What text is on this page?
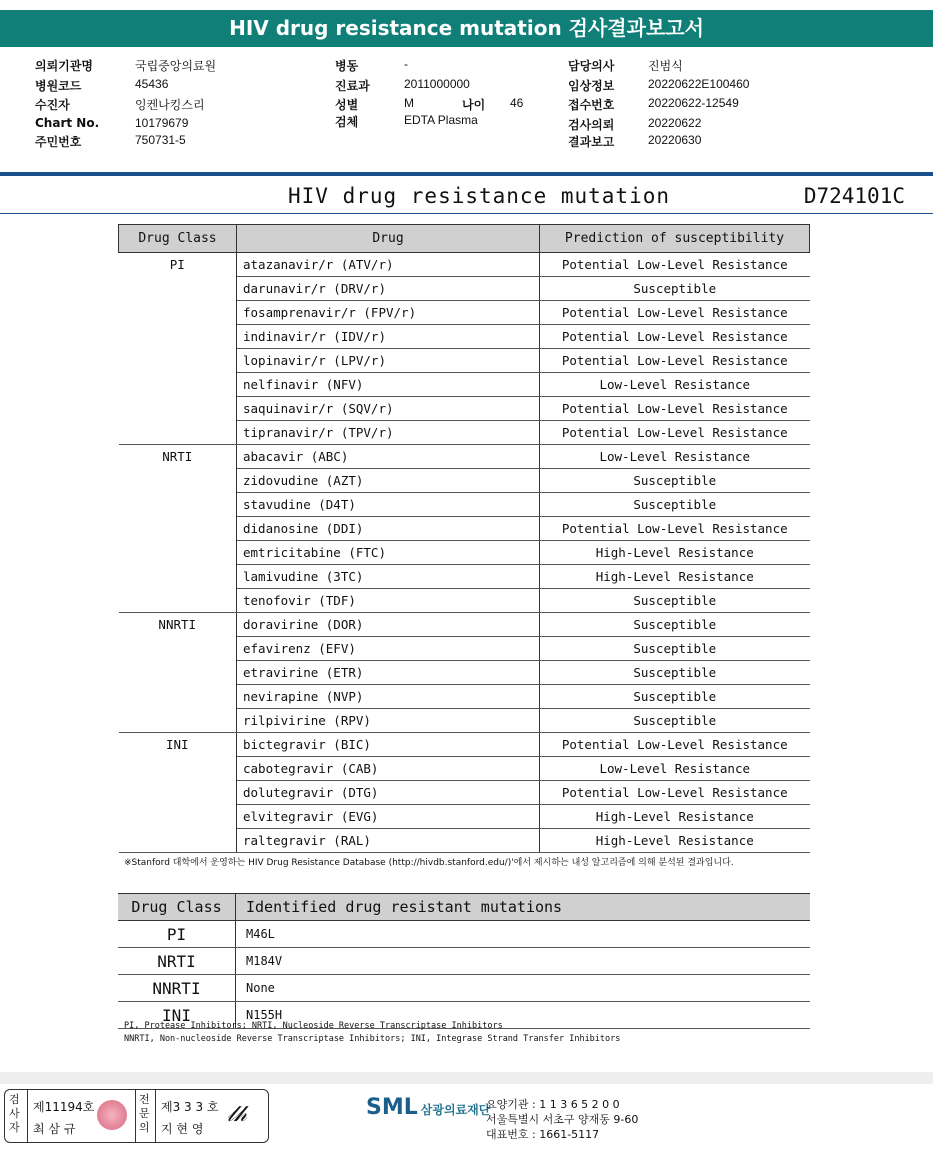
HIV drug resistance mutation 검사결과보고서
의뢰기관명	국립중앙의료원
병원코드	45436
수진자	잉켄나킹스리
Chart No.	10179679
주민번호	750731-5
병동	-
진료과	2011000000
성별	M
검체	EDTA Plasma
담당의사	진범식
임상정보	20220622E100460
접수번호	20220622-12549
검사의뢰	20220622
결과보고	20220630
나이 46
HIV drug resistance mutation	D724101C
Drug Class	Drug	Prediction of susceptibility
PI	atazanavir/r (ATV/r)	Potential Low-Level Resistance
	darunavir/r (DRV/r)	Susceptible
	fosamprenavir/r (FPV/r)	Potential Low-Level Resistance
	indinavir/r (IDV/r)	Potential Low-Level Resistance
	lopinavir/r (LPV/r)	Potential Low-Level Resistance
	nelfinavir (NFV)	Low-Level Resistance
	saquinavir/r (SQV/r)	Potential Low-Level Resistance
	tipranavir/r (TPV/r)	Potential Low-Level Resistance
NRTI	abacavir (ABC)	Low-Level Resistance
	zidovudine (AZT)	Susceptible
	stavudine (D4T)	Susceptible
	didanosine (DDI)	Potential Low-Level Resistance
	emtricitabine (FTC)	High-Level Resistance
	lamivudine (3TC)	High-Level Resistance
	tenofovir (TDF)	Susceptible
NNRTI	doravirine (DOR)	Susceptible
	efavirenz (EFV)	Susceptible
	etravirine (ETR)	Susceptible
	nevirapine (NVP)	Susceptible
	rilpivirine (RPV)	Susceptible
INI	bictegravir (BIC)	Potential Low-Level Resistance
	cabotegravir (CAB)	Low-Level Resistance
	dolutegravir (DTG)	Potential Low-Level Resistance
	elvitegravir (EVG)	High-Level Resistance
	raltegravir (RAL)	High-Level Resistance
※Stanford 대학에서 운영하는 HIV Drug Resistance Database (http://hivdb.stanford.edu/)'에서 제시하는 내성 알고리즘에 의해 분석된 결과입니다.
Drug Class	Identified drug resistant mutations
PI	M46L
NRTI	M184V
NNRTI	None
INI	N155H
PI, Protease Inhibitors; NRTI, Nucleoside Reverse Transcriptase Inhibitors
NNRTI, Non-nucleoside Reverse Transcriptase Inhibitors; INI, Integrase Strand Transfer Inhibitors
검사자
제11194호
최 삼 규
전문의
제3 3 3 호
지 현 영
𝓁𝒽	SML 삼광의료재단
요양기관 : 1 1 3 6 5 2 0 0
서울특별시 서초구 양재동 9-60
대표번호 : 1661-5117
